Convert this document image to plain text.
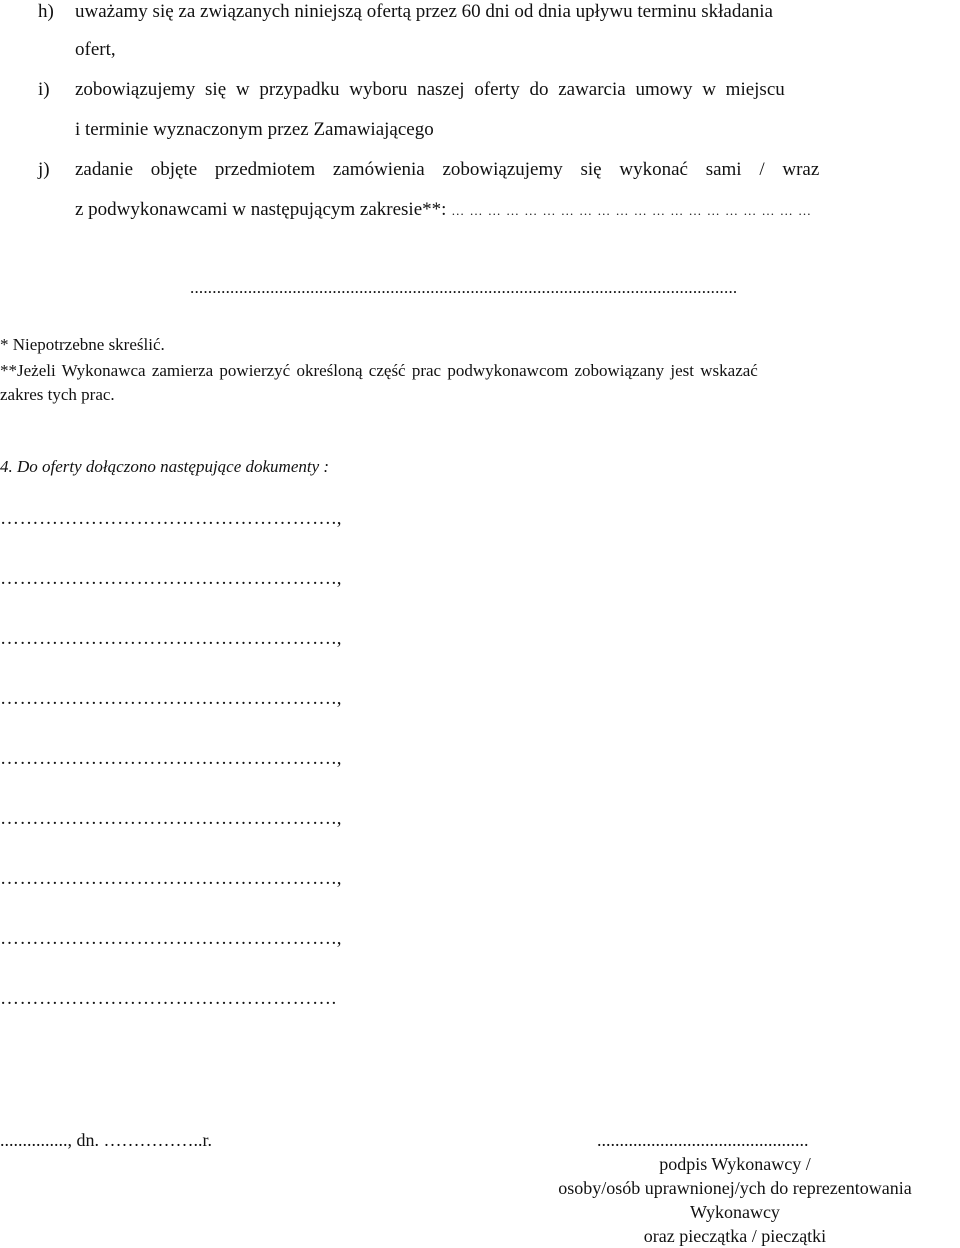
h) uważamy się za związanych niniejszą ofertą przez 60 dni od dnia upływu terminu składania
ofert,
i) zobowiązujemy się w przypadku wyboru naszej oferty do zawarcia umowy w miejscu
i terminie wyznaczonym przez Zamawiającego
j) zadanie objęte przedmiotem zamówienia zobowiązujemy się wykonać sami / wraz
z podwykonawcami w następującym zakresie**: … … … … … … … … … … … … … … … … … … … …
...........................................................................................................................
* Niepotrzebne skreślić.
**Jeżeli Wykonawca zamierza powierzyć określoną część prac podwykonawcom zobowiązany jest wskazać
zakres tych prac.
4. Do oferty dołączono następujące dokumenty :
…………………………………………….,
…………………………………………….,
…………………………………………….,
…………………………………………….,
…………………………………………….,
…………………………………………….,
…………………………………………….,
…………………………………………….,
…………………………………………….
..............., dn. ……………..r.	...............................................
podpis Wykonawcy /
osoby/osób uprawnionej/ych do reprezentowania
Wykonawcy
oraz pieczątka / pieczątki
